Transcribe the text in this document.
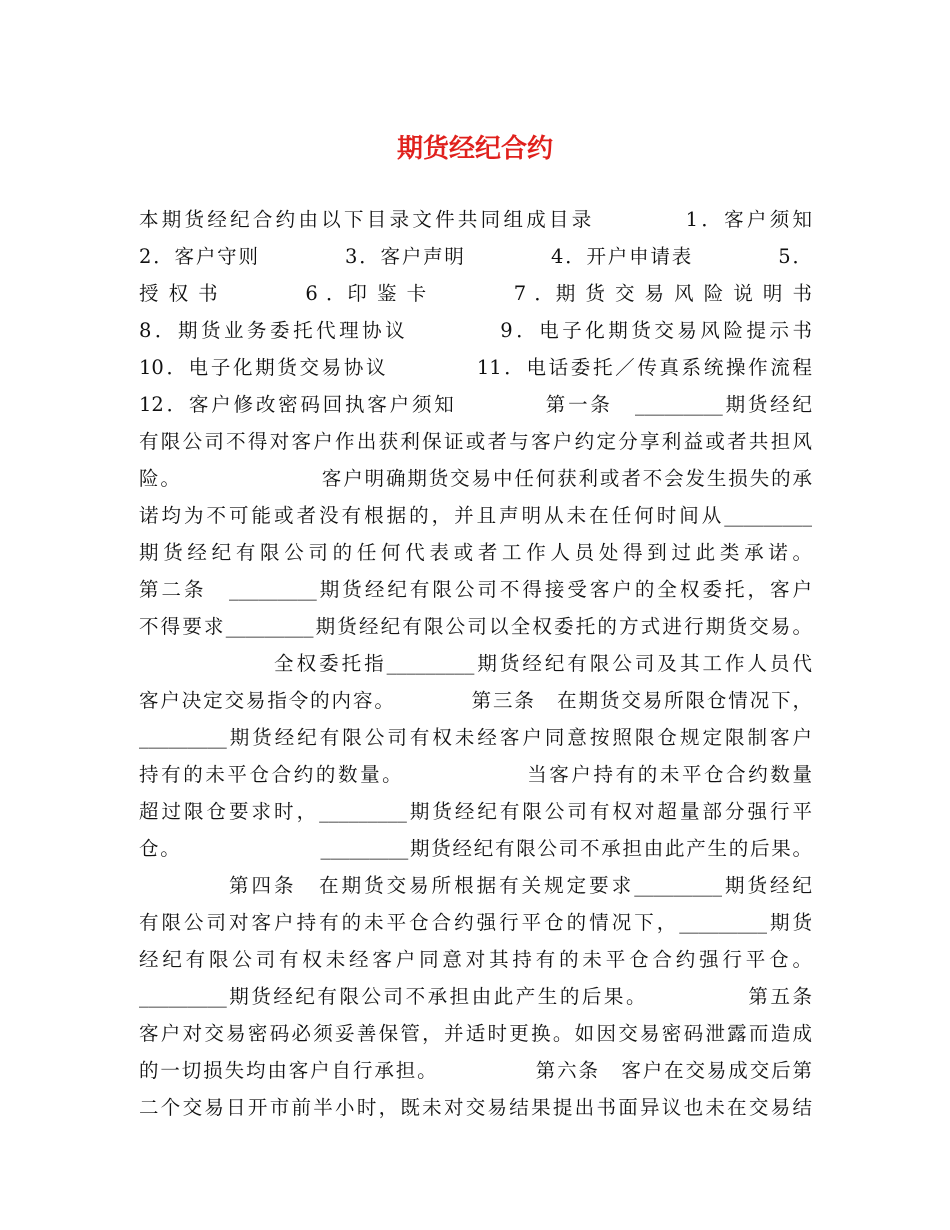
期货经纪合约
本期货经纪合约由以下目录文件共同组成目录　　　　1．客户须知
2．客户守则　　　　3．客户声明　　　　4．开户申请表　　　　5．
授 权 书　　　　6 ．印 鉴 卡　　　　7 ．期 货 交 易 风 险 说 明 书
8．期货业务委托代理协议　　　　9．电子化期货交易风险提示书
10．电子化期货交易协议　　　　11．电话委托／传真系统操作流程
12．客户修改密码回执客户须知　　　　第一条　_________期货经纪
有限公司不得对客户作出获利保证或者与客户约定分享利益或者共担风
险。　　　　　　　客户明确期货交易中任何获利或者不会发生损失的承
诺均为不可能或者没有根据的，并且声明从未在任何时间从_________
期货经纪有限公司的任何代表或者工作人员处得到过此类承诺。
第二条　_________期货经纪有限公司不得接受客户的全权委托，客户
不得要求_________期货经纪有限公司以全权委托的方式进行期货交易。
　　　　　　全权委托指_________期货经纪有限公司及其工作人员代
客户决定交易指令的内容。　　　　第三条　在期货交易所限仓情况下，
_________期货经纪有限公司有权未经客户同意按照限仓规定限制客户
持有的未平仓合约的数量。　　　　　　当客户持有的未平仓合约数量
超过限仓要求时，_________期货经纪有限公司有权对超量部分强行平
仓。　　　　　　　_________期货经纪有限公司不承担由此产生的后果。
　　　　第四条　在期货交易所根据有关规定要求_________期货经纪
有限公司对客户持有的未平仓合约强行平仓的情况下，_________期货
经纪有限公司有权未经客户同意对其持有的未平仓合约强行平仓。
_________期货经纪有限公司不承担由此产生的后果。　　　　　第五条
客户对交易密码必须妥善保管，并适时更换。如因交易密码泄露而造成
的一切损失均由客户自行承担。　　　　　第六条　客户在交易成交后第
二个交易日开市前半小时，既未对交易结果提出书面异议也未在交易结
